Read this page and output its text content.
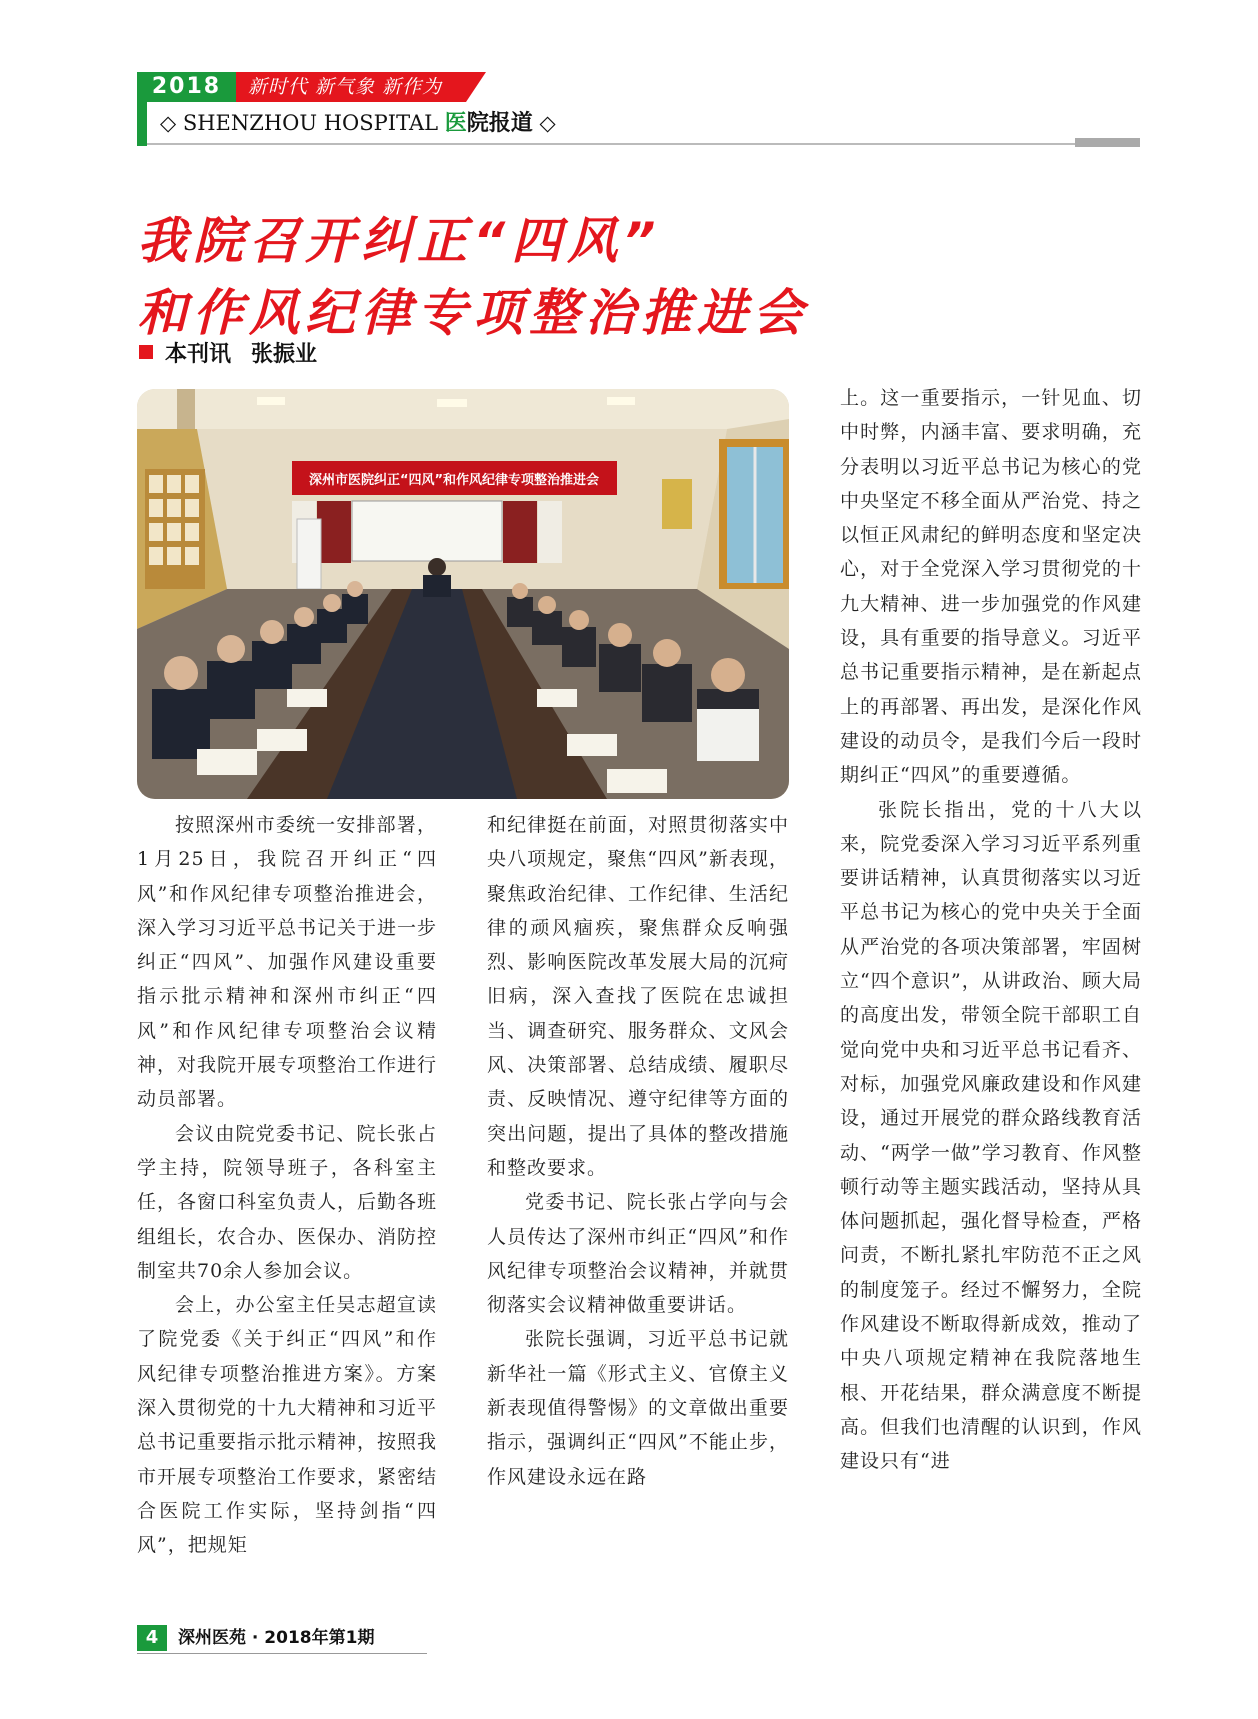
2018	新时代 新气象 新作为
◇ SHENZHOU HOSPITAL 医院报道 ◇
我院召开纠正“四风”
和作风纪律专项整治推进会
本刊讯 张振业
深州市医院纠正“四风”和作风纪律专项整治推进会

按照深州市委统一安排部署，1月25日，我院召开纠正“四风”和作风纪律专项整治推进会，深入学习习近平总书记关于进一步纠正“四风”、加强作风建设重要指示批示精神和深州市纠正“四风”和作风纪律专项整治会议精神，对我院开展专项整治工作进行动员部署。

会议由院党委书记、院长张占学主持，院领导班子，各科室主任，各窗口科室负责人，后勤各班组组长，农合办、医保办、消防控制室共70余人参加会议。

会上，办公室主任吴志超宣读了院党委《关于纠正“四风”和作风纪律专项整治推进方案》。方案深入贯彻党的十九大精神和习近平总书记重要指示批示精神，按照我市开展专项整治工作要求，紧密结合医院工作实际，坚持剑指“四风”，把规矩

和纪律挺在前面，对照贯彻落实中央八项规定，聚焦“四风”新表现，聚焦政治纪律、工作纪律、生活纪律的顽风痼疾，聚焦群众反响强烈、影响医院改革发展大局的沉疴旧病，深入查找了医院在忠诚担当、调查研究、服务群众、文风会风、决策部署、总结成绩、履职尽责、反映情况、遵守纪律等方面的突出问题，提出了具体的整改措施和整改要求。

党委书记、院长张占学向与会人员传达了深州市纠正“四风”和作风纪律专项整治会议精神，并就贯彻落实会议精神做重要讲话。

张院长强调，习近平总书记就新华社一篇《形式主义、官僚主义新表现值得警惕》的文章做出重要指示，强调纠正“四风”不能止步，作风建设永远在路

上。这一重要指示，一针见血、切中时弊，内涵丰富、要求明确，充分表明以习近平总书记为核心的党中央坚定不移全面从严治党、持之以恒正风肃纪的鲜明态度和坚定决心，对于全党深入学习贯彻党的十九大精神、进一步加强党的作风建设，具有重要的指导意义。习近平总书记重要指示精神，是在新起点上的再部署、再出发，是深化作风建设的动员令，是我们今后一段时期纠正“四风”的重要遵循。

张院长指出，党的十八大以来，院党委深入学习习近平系列重要讲话精神，认真贯彻落实以习近平总书记为核心的党中央关于全面从严治党的各项决策部署，牢固树立“四个意识”，从讲政治、顾大局的高度出发，带领全院干部职工自觉向党中央和习近平总书记看齐、对标，加强党风廉政建设和作风建设，通过开展党的群众路线教育活动、“两学一做”学习教育、作风整顿行动等主题实践活动，坚持从具体问题抓起，强化督导检查，严格问责，不断扎紧扎牢防范不正之风的制度笼子。经过不懈努力，全院作风建设不断取得新成效，推动了中央八项规定精神在我院落地生根、开花结果，群众满意度不断提高。但我们也清醒的认识到，作风建设只有“进

4	深州医苑 · 2018年第1期
